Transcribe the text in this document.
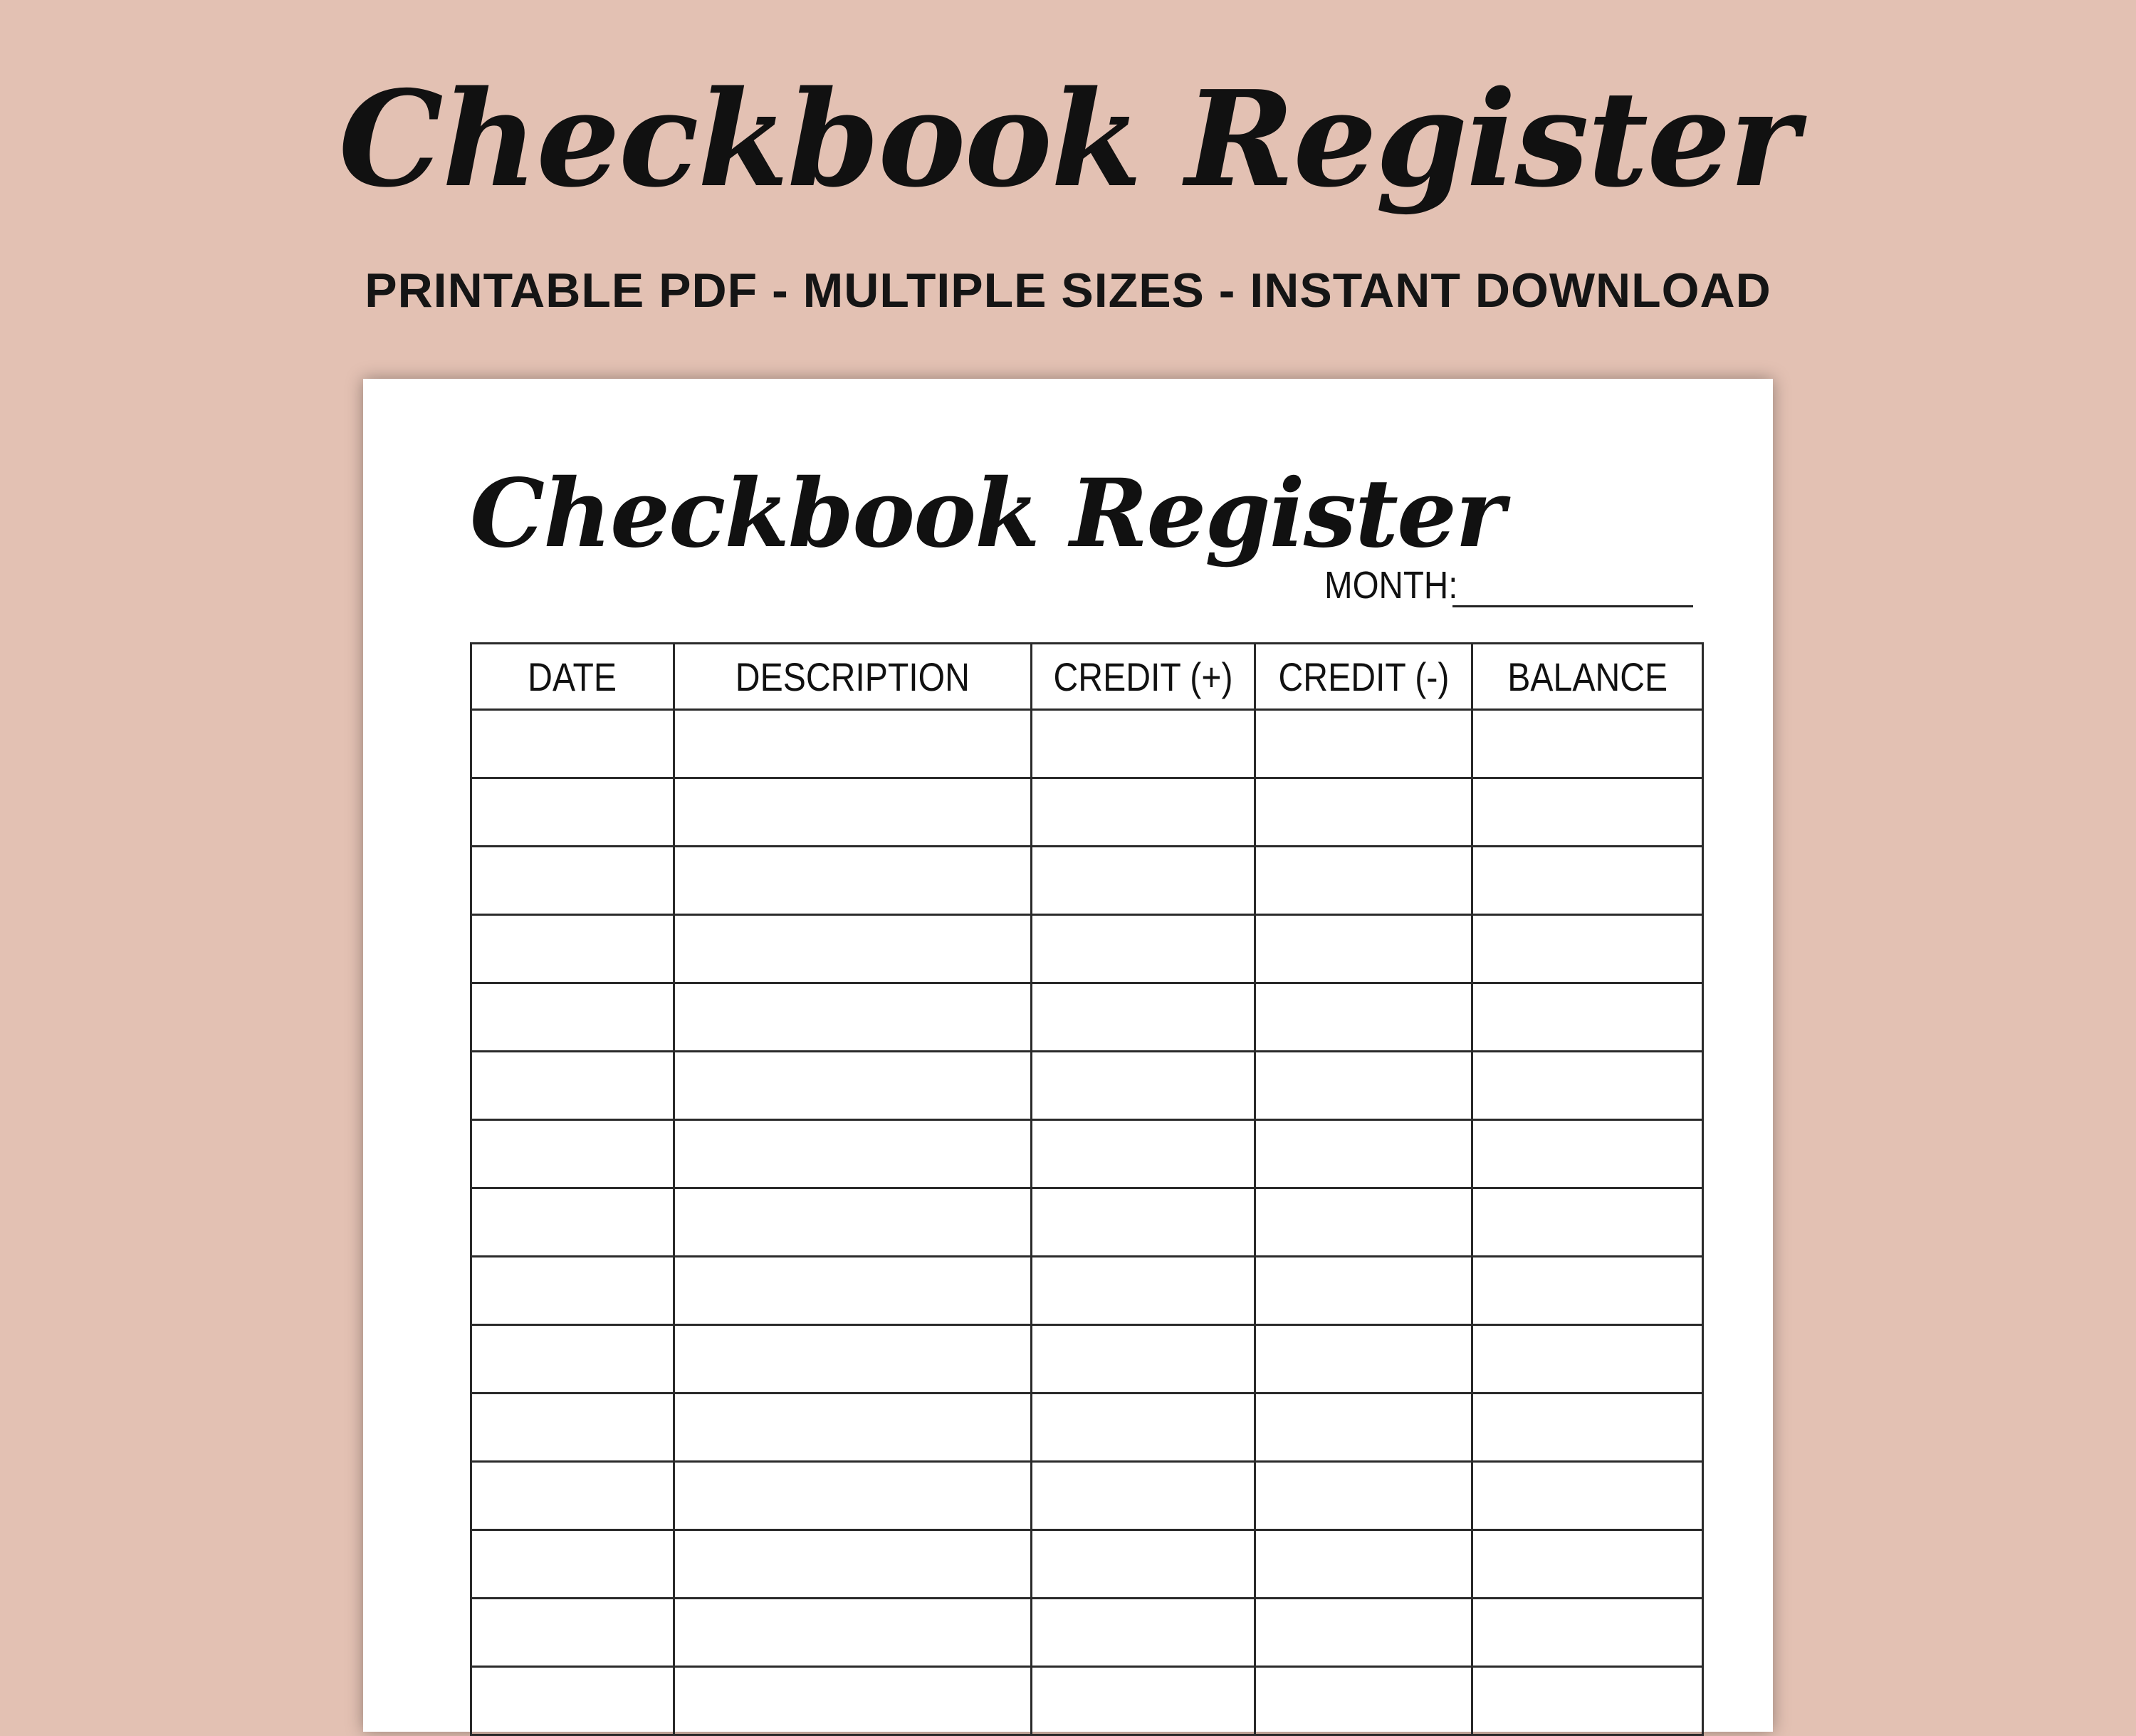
Checkbook Register
PRINTABLE PDF - MULTIPLE SIZES - INSTANT DOWNLOAD
Checkbook Register
MONTH:
DATE	DESCRIPTION	CREDIT (+)	CREDIT (-)	BALANCE
